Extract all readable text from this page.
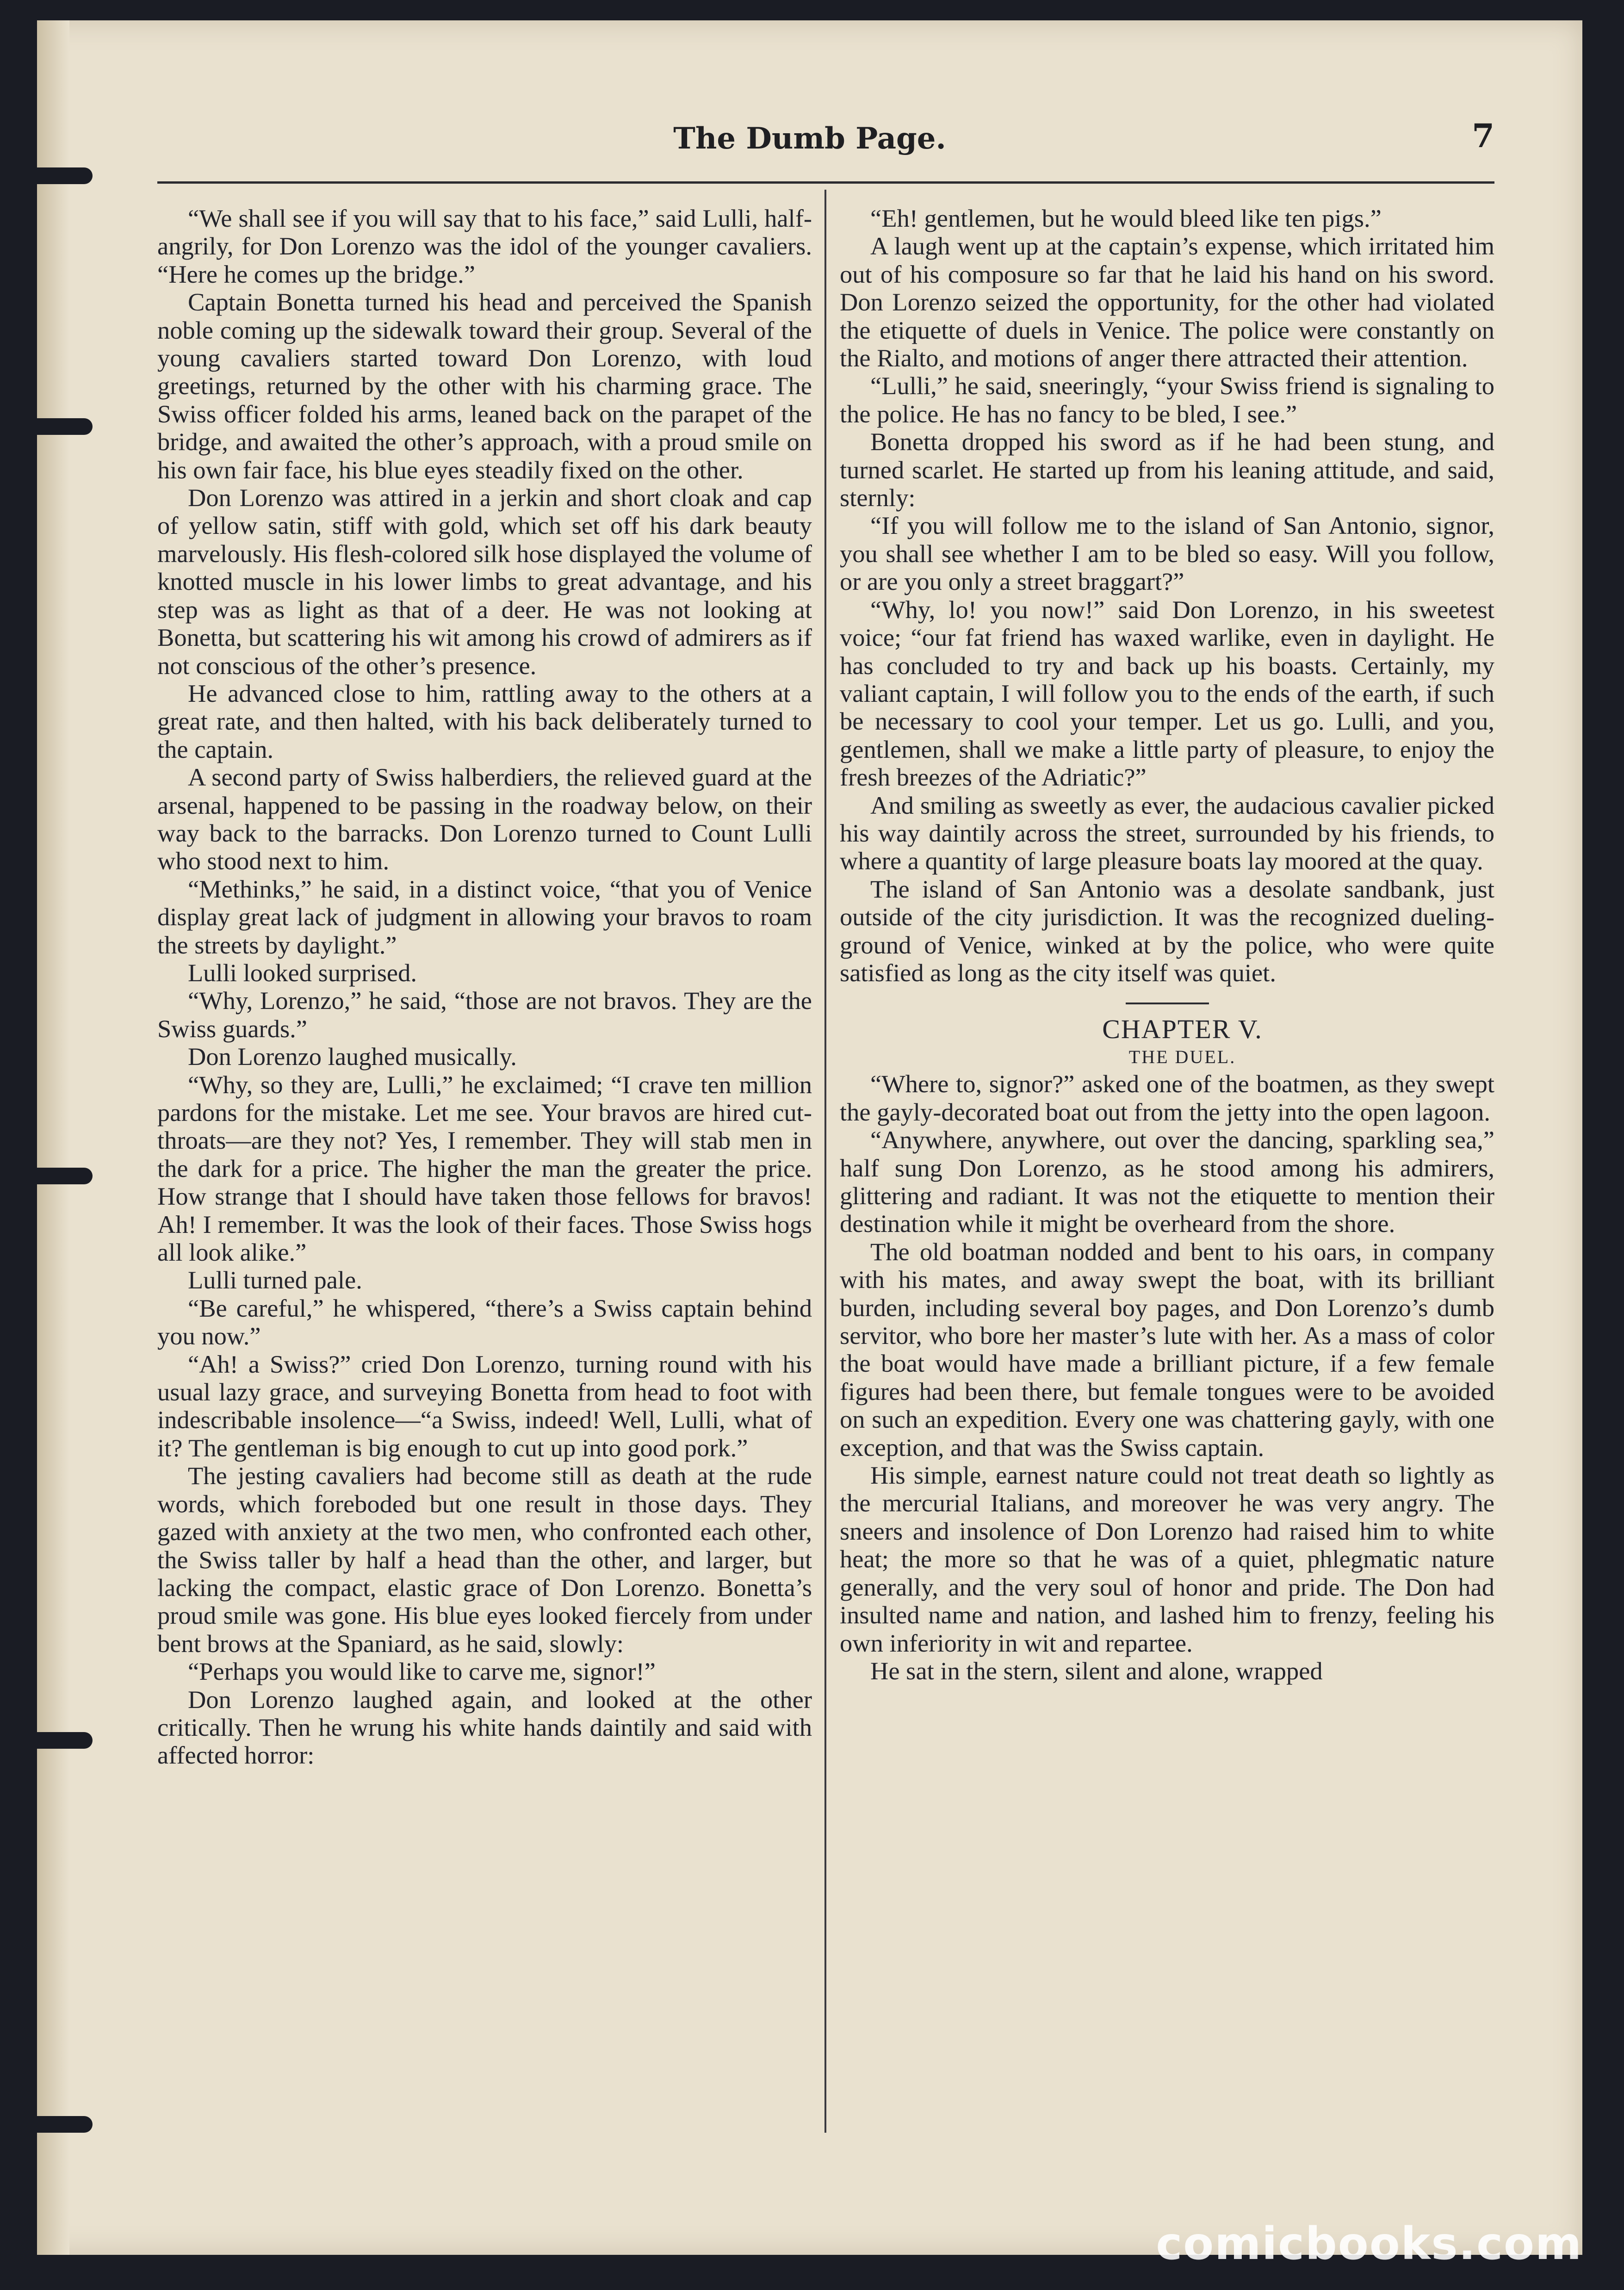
The Dumb Page.	7

“We shall see if you will say that to his face,” said Lulli, half-angrily, for Don Lorenzo was the idol of the younger cavaliers. “Here he comes up the bridge.”

Captain Bonetta turned his head and perceived the Spanish noble coming up the sidewalk toward their group. Several of the young cavaliers started toward Don Lorenzo, with loud greetings, returned by the other with his charming grace. The Swiss officer folded his arms, leaned back on the parapet of the bridge, and awaited the other’s approach, with a proud smile on his own fair face, his blue eyes steadily fixed on the other.

Don Lorenzo was attired in a jerkin and short cloak and cap of yellow satin, stiff with gold, which set off his dark beauty marvelously. His flesh-colored silk hose displayed the volume of knotted muscle in his lower limbs to great advantage, and his step was as light as that of a deer. He was not looking at Bonetta, but scattering his wit among his crowd of admirers as if not conscious of the other’s presence.

He advanced close to him, rattling away to the others at a great rate, and then halted, with his back deliberately turned to the captain.

A second party of Swiss halberdiers, the relieved guard at the arsenal, happened to be passing in the roadway below, on their way back to the barracks. Don Lorenzo turned to Count Lulli who stood next to him.

“Methinks,” he said, in a distinct voice, “that you of Venice display great lack of judgment in allowing your bravos to roam the streets by daylight.”

Lulli looked surprised.

“Why, Lorenzo,” he said, “those are not bravos. They are the Swiss guards.”

Don Lorenzo laughed musically.

“Why, so they are, Lulli,” he exclaimed; “I crave ten million pardons for the mistake. Let me see. Your bravos are hired cut-throats—are they not? Yes, I remember. They will stab men in the dark for a price. The higher the man the greater the price. How strange that I should have taken those fellows for bravos! Ah! I remember. It was the look of their faces. Those Swiss hogs all look alike.”

Lulli turned pale.

“Be careful,” he whispered, “there’s a Swiss captain behind you now.”

“Ah! a Swiss?” cried Don Lorenzo, turning round with his usual lazy grace, and surveying Bonetta from head to foot with indescribable insolence—“a Swiss, indeed! Well, Lulli, what of it? The gentleman is big enough to cut up into good pork.”

The jesting cavaliers had become still as death at the rude words, which foreboded but one result in those days. They gazed with anxiety at the two men, who confronted each other, the Swiss taller by half a head than the other, and larger, but lacking the compact, elastic grace of Don Lorenzo. Bonetta’s proud smile was gone. His blue eyes looked fiercely from under bent brows at the Spaniard, as he said, slowly:

“Perhaps you would like to carve me, signor!”

Don Lorenzo laughed again, and looked at the other critically. Then he wrung his white hands daintily and said with affected horror:

“Eh! gentlemen, but he would bleed like ten pigs.”

A laugh went up at the captain’s expense, which irritated him out of his composure so far that he laid his hand on his sword. Don Lorenzo seized the opportunity, for the other had violated the etiquette of duels in Venice. The police were constantly on the Rialto, and motions of anger there attracted their attention.

“Lulli,” he said, sneeringly, “your Swiss friend is signaling to the police. He has no fancy to be bled, I see.”

Bonetta dropped his sword as if he had been stung, and turned scarlet. He started up from his leaning attitude, and said, sternly:

“If you will follow me to the island of San Antonio, signor, you shall see whether I am to be bled so easy. Will you follow, or are you only a street braggart?”

“Why, lo! you now!” said Don Lorenzo, in his sweetest voice; “our fat friend has waxed warlike, even in daylight. He has concluded to try and back up his boasts. Certainly, my valiant captain, I will follow you to the ends of the earth, if such be necessary to cool your temper. Let us go. Lulli, and you, gentlemen, shall we make a little party of pleasure, to enjoy the fresh breezes of the Adriatic?”

And smiling as sweetly as ever, the audacious cavalier picked his way daintily across the street, surrounded by his friends, to where a quantity of large pleasure boats lay moored at the quay.

The island of San Antonio was a desolate sandbank, just outside of the city jurisdiction. It was the recognized dueling-ground of Venice, winked at by the police, who were quite satisfied as long as the city itself was quiet.

CHAPTER V.

THE DUEL.

“Where to, signor?” asked one of the boatmen, as they swept the gayly-decorated boat out from the jetty into the open lagoon.

“Anywhere, anywhere, out over the dancing, sparkling sea,” half sung Don Lorenzo, as he stood among his admirers, glittering and radiant. It was not the etiquette to mention their destination while it might be overheard from the shore.

The old boatman nodded and bent to his oars, in company with his mates, and away swept the boat, with its brilliant burden, including several boy pages, and Don Lorenzo’s dumb servitor, who bore her master’s lute with her. As a mass of color the boat would have made a brilliant picture, if a few female figures had been there, but female tongues were to be avoided on such an expedition. Every one was chattering gayly, with one exception, and that was the Swiss captain.

His simple, earnest nature could not treat death so lightly as the mercurial Italians, and moreover he was very angry. The sneers and insolence of Don Lorenzo had raised him to white heat; the more so that he was of a quiet, phlegmatic nature generally, and the very soul of honor and pride. The Don had insulted name and nation, and lashed him to frenzy, feeling his own inferiority in wit and repartee.

He sat in the stern, silent and alone, wrapped

comicbooks.com
